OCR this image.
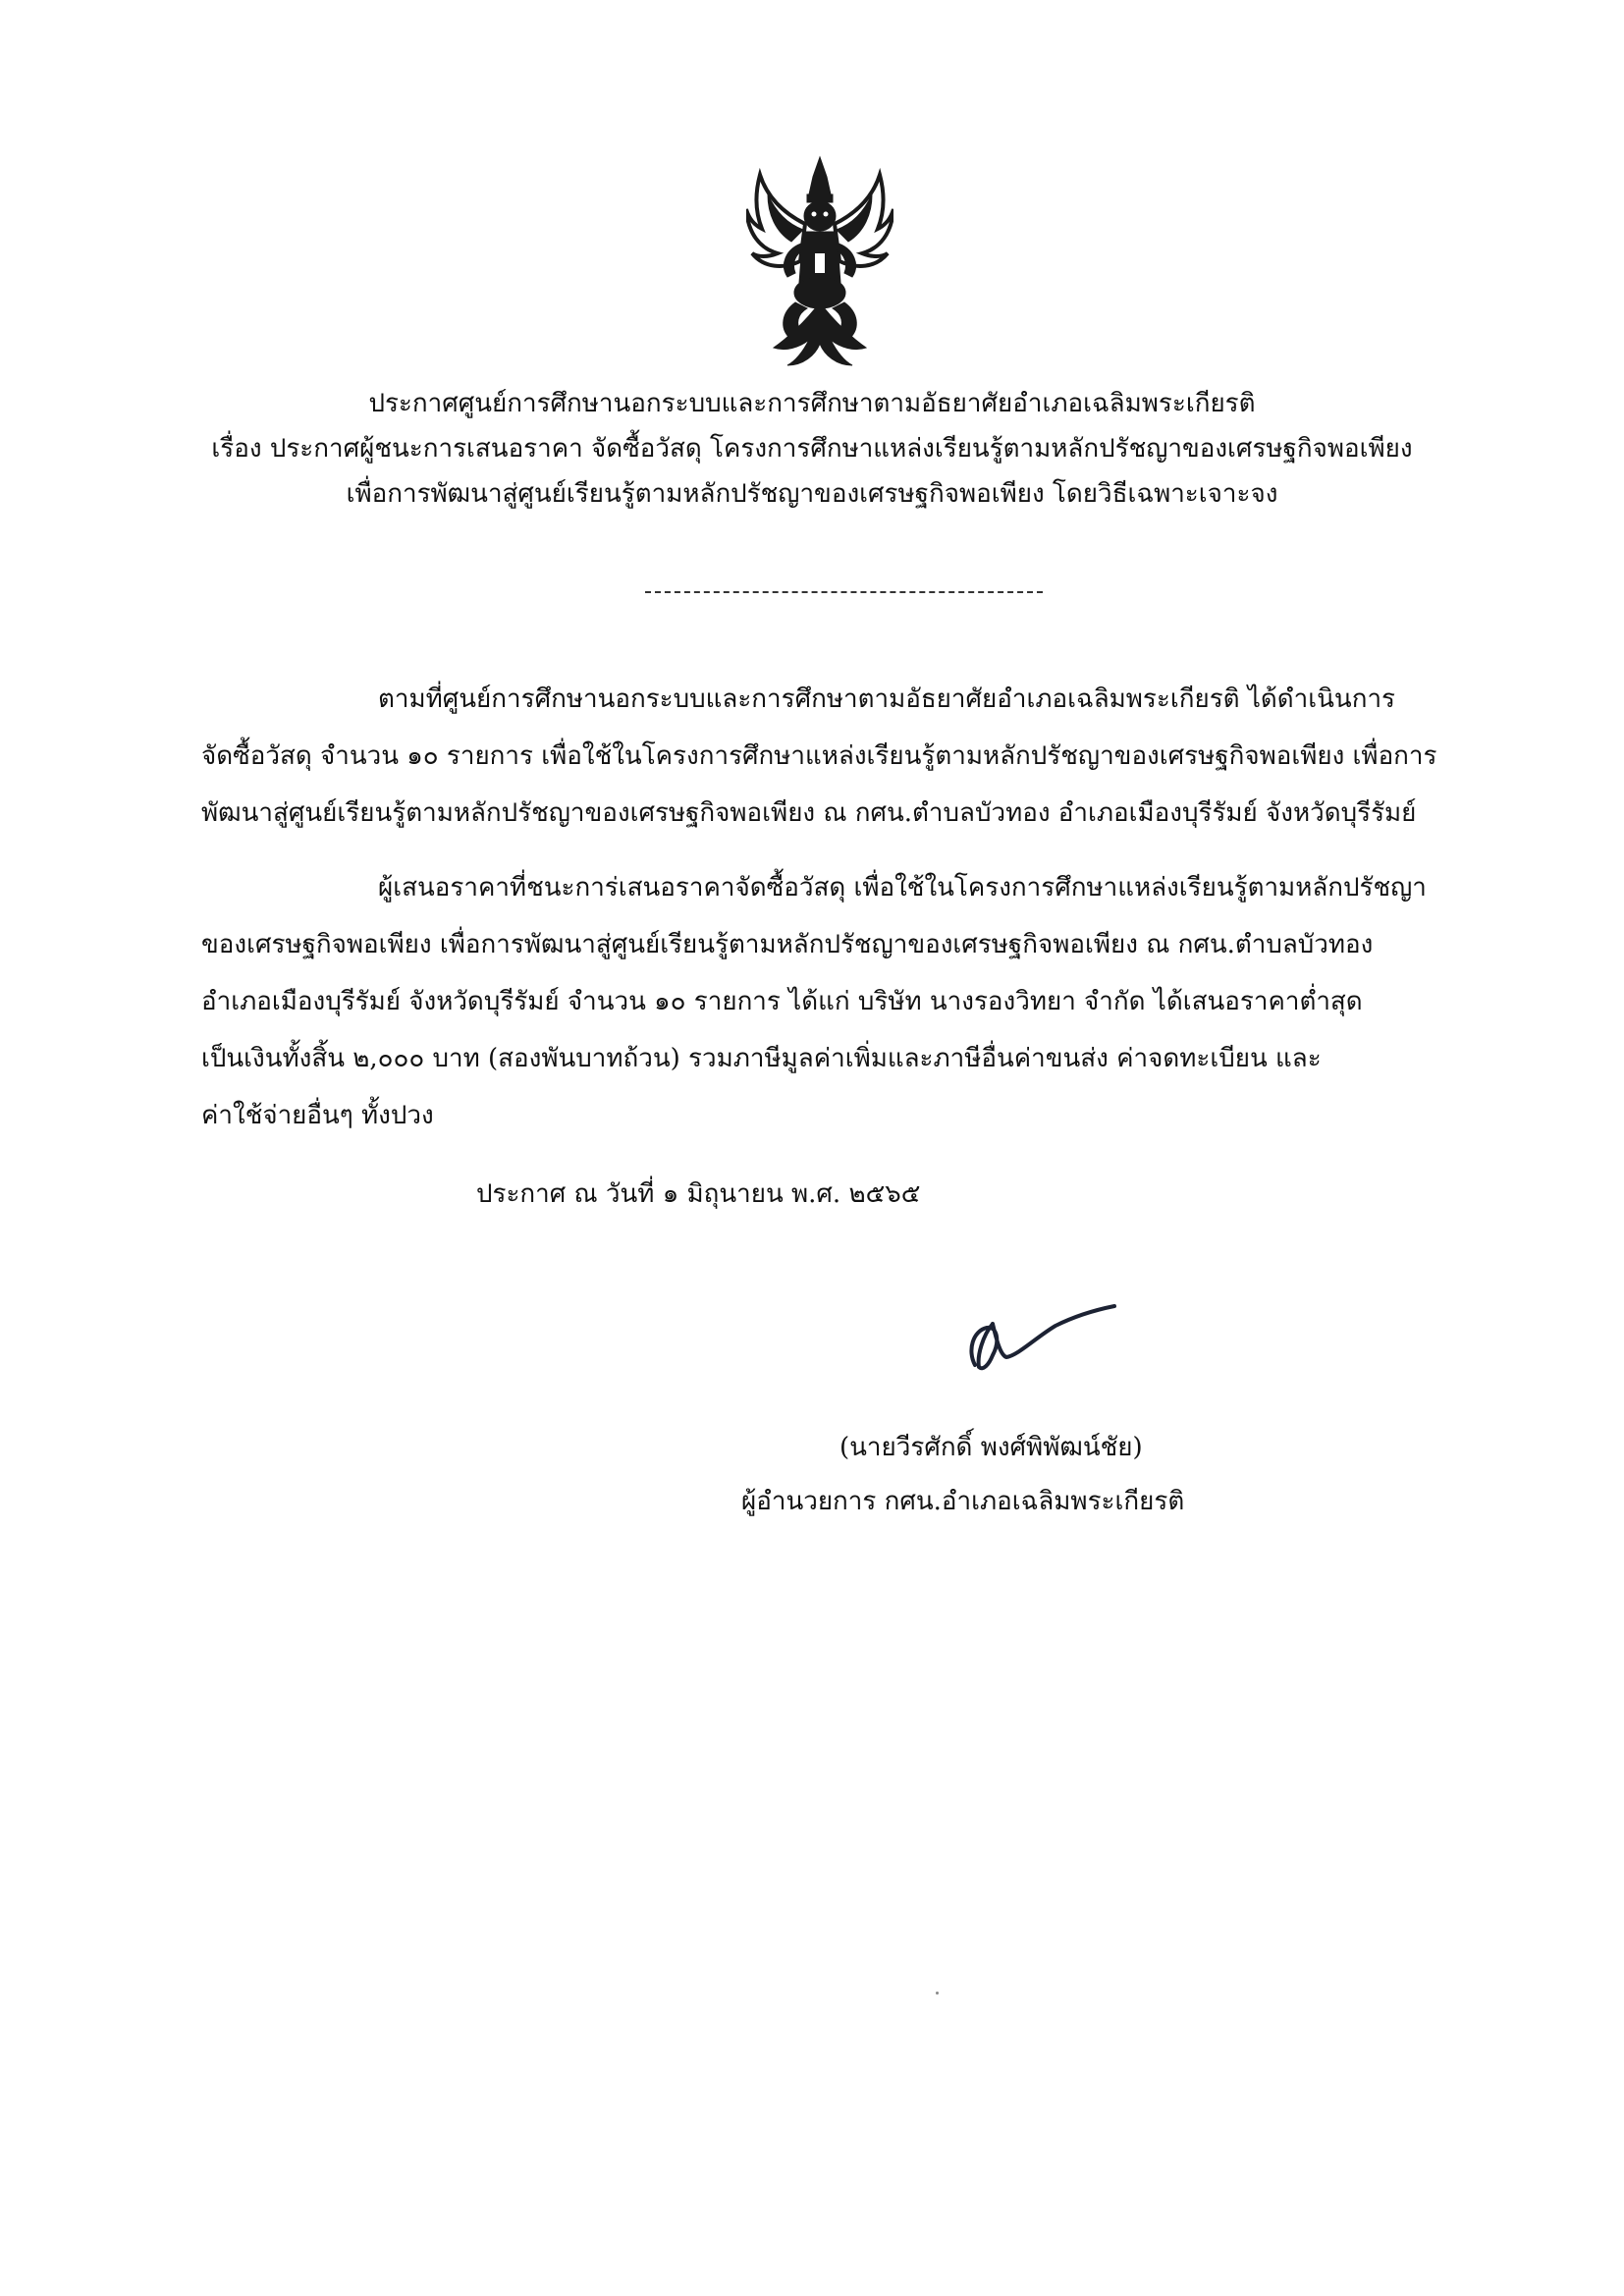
ประกาศศูนย์การศึกษานอกระบบและการศึกษาตามอัธยาศัยอำเภอเฉลิมพระเกียรติ
เรื่อง ประกาศผู้ชนะการเสนอราคา จัดซื้อวัสดุ โครงการศึกษาแหล่งเรียนรู้ตามหลักปรัชญาของเศรษฐกิจพอเพียง
เพื่อการพัฒนาสู่ศูนย์เรียนรู้ตามหลักปรัชญาของเศรษฐกิจพอเพียง โดยวิธีเฉพาะเจาะจง
ตามที่ศูนย์การศึกษานอกระบบและการศึกษาตามอัธยาศัยอำเภอเฉลิมพระเกียรติ ได้ดำเนินการ
จัดซื้อวัสดุ จำนวน ๑๐ รายการ เพื่อใช้ในโครงการศึกษาแหล่งเรียนรู้ตามหลักปรัชญาของเศรษฐกิจพอเพียง เพื่อการ
พัฒนาสู่ศูนย์เรียนรู้ตามหลักปรัชญาของเศรษฐกิจพอเพียง ณ กศน.ตำบลบัวทอง อำเภอเมืองบุรีรัมย์ จังหวัดบุรีรัมย์
ผู้เสนอราคาที่ชนะการ่เสนอราคาจัดซื้อวัสดุ เพื่อใช้ในโครงการศึกษาแหล่งเรียนรู้ตามหลักปรัชญา
ของเศรษฐกิจพอเพียง เพื่อการพัฒนาสู่ศูนย์เรียนรู้ตามหลักปรัชญาของเศรษฐกิจพอเพียง ณ กศน.ตำบลบัวทอง
อำเภอเมืองบุรีรัมย์ จังหวัดบุรีรัมย์ จำนวน ๑๐ รายการ ได้แก่ บริษัท นางรองวิทยา จำกัด ได้เสนอราคาต่ำสุด
เป็นเงินทั้งสิ้น ๒,๐๐๐ บาท (สองพันบาทถ้วน) รวมภาษีมูลค่าเพิ่มและภาษีอื่นค่าขนส่ง ค่าจดทะเบียน และ
ค่าใช้จ่ายอื่นๆ ทั้งปวง
ประกาศ ณ วันที่ ๑ มิถุนายน พ.ศ. ๒๕๖๕
(นายวีรศักดิ์ พงศ์พิพัฒน์ชัย)
ผู้อำนวยการ กศน.อำเภอเฉลิมพระเกียรติ
